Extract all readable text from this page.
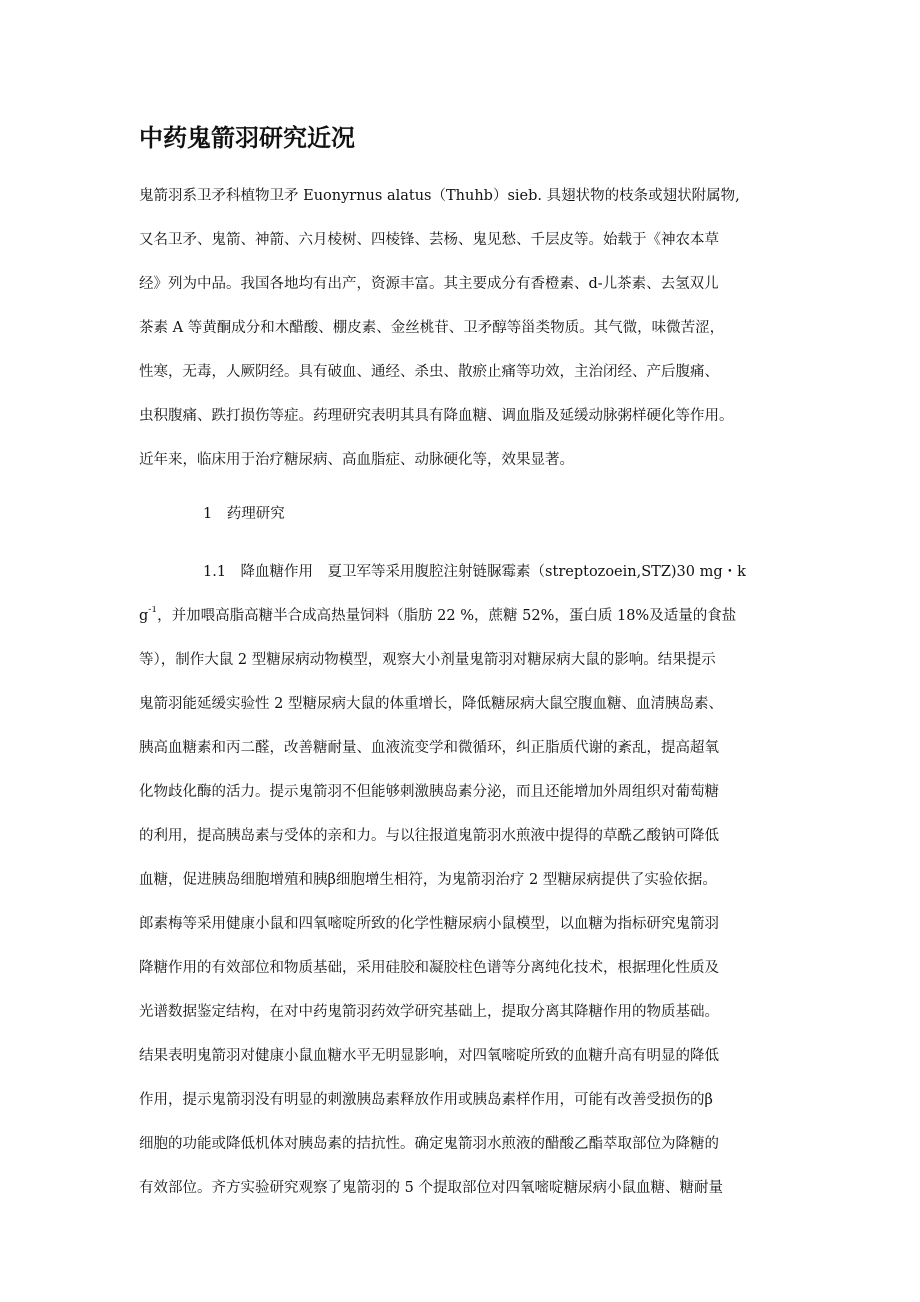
中药鬼箭羽研究近况
鬼箭羽系卫矛科植物卫矛 Euonyrnus alatus（Thuhb）sieb. 具翅状物的枝条或翅状附属物,
又名卫矛、鬼箭、神箭、六月棱树、四棱锋、芸杨、鬼见愁、千层皮等。始载于《神农本草
经》列为中品。我国各地均有出产，资源丰富。其主要成分有香橙素、d-儿茶素、去氢双儿
茶素 A 等黄酮成分和木醋酸、棚皮素、金丝桃苷、卫矛醇等甾类物质。其气微，味微苦涩，
性寒，无毒，人厥阴经。具有破血、通经、杀虫、散瘀止痛等功效，主治闭经、产后腹痛、
虫积腹痛、跌打损伤等症。药理研究表明其具有降血糖、调血脂及延缓动脉粥样硬化等作用。
近年来，临床用于治疗糖尿病、高血脂症、动脉硬化等，效果显著。
1　药理研究
1.1　降血糖作用　夏卫军等采用腹腔注射链脲霉素（streptozoein,STZ)30 mg・k
$g^{-1}$，并加喂高脂高糖半合成高热量饲料（脂肪 22 %，蔗糖 52%，蛋白质 18%及适量的食盐
等），制作大鼠 2 型糖尿病动物模型，观察大小剂量鬼箭羽对糖尿病大鼠的影响。结果提示
鬼箭羽能延缓实验性 2 型糖尿病大鼠的体重增长，降低糖尿病大鼠空腹血糖、血清胰岛素、
胰高血糖素和丙二醛，改善糖耐量、血液流变学和微循环，纠正脂质代谢的紊乱，提高超氧
化物歧化酶的活力。提示鬼箭羽不但能够刺激胰岛素分泌，而且还能增加外周组织对葡萄糖
的利用，提高胰岛素与受体的亲和力。与以往报道鬼箭羽水煎液中提得的草酰乙酸钠可降低
血糖，促进胰岛细胞增殖和胰β细胞增生相符，为鬼箭羽治疗 2 型糖尿病提供了实验依据。
郎素梅等采用健康小鼠和四氧嘧啶所致的化学性糖尿病小鼠模型，以血糖为指标研究鬼箭羽
降糖作用的有效部位和物质基础，采用硅胶和凝胶柱色谱等分离纯化技术，根据理化性质及
光谱数据鉴定结构，在对中药鬼箭羽药效学研究基础上，提取分离其降糖作用的物质基础。
结果表明鬼箭羽对健康小鼠血糖水平无明显影响，对四氧嘧啶所致的血糖升高有明显的降低
作用，提示鬼箭羽没有明显的刺激胰岛素释放作用或胰岛素样作用，可能有改善受损伤的β
细胞的功能或降低机体对胰岛素的拮抗性。确定鬼箭羽水煎液的醋酸乙酯萃取部位为降糖的
有效部位。齐方实验研究观察了鬼箭羽的 5 个提取部位对四氧嘧啶糖尿病小鼠血糖、糖耐量
